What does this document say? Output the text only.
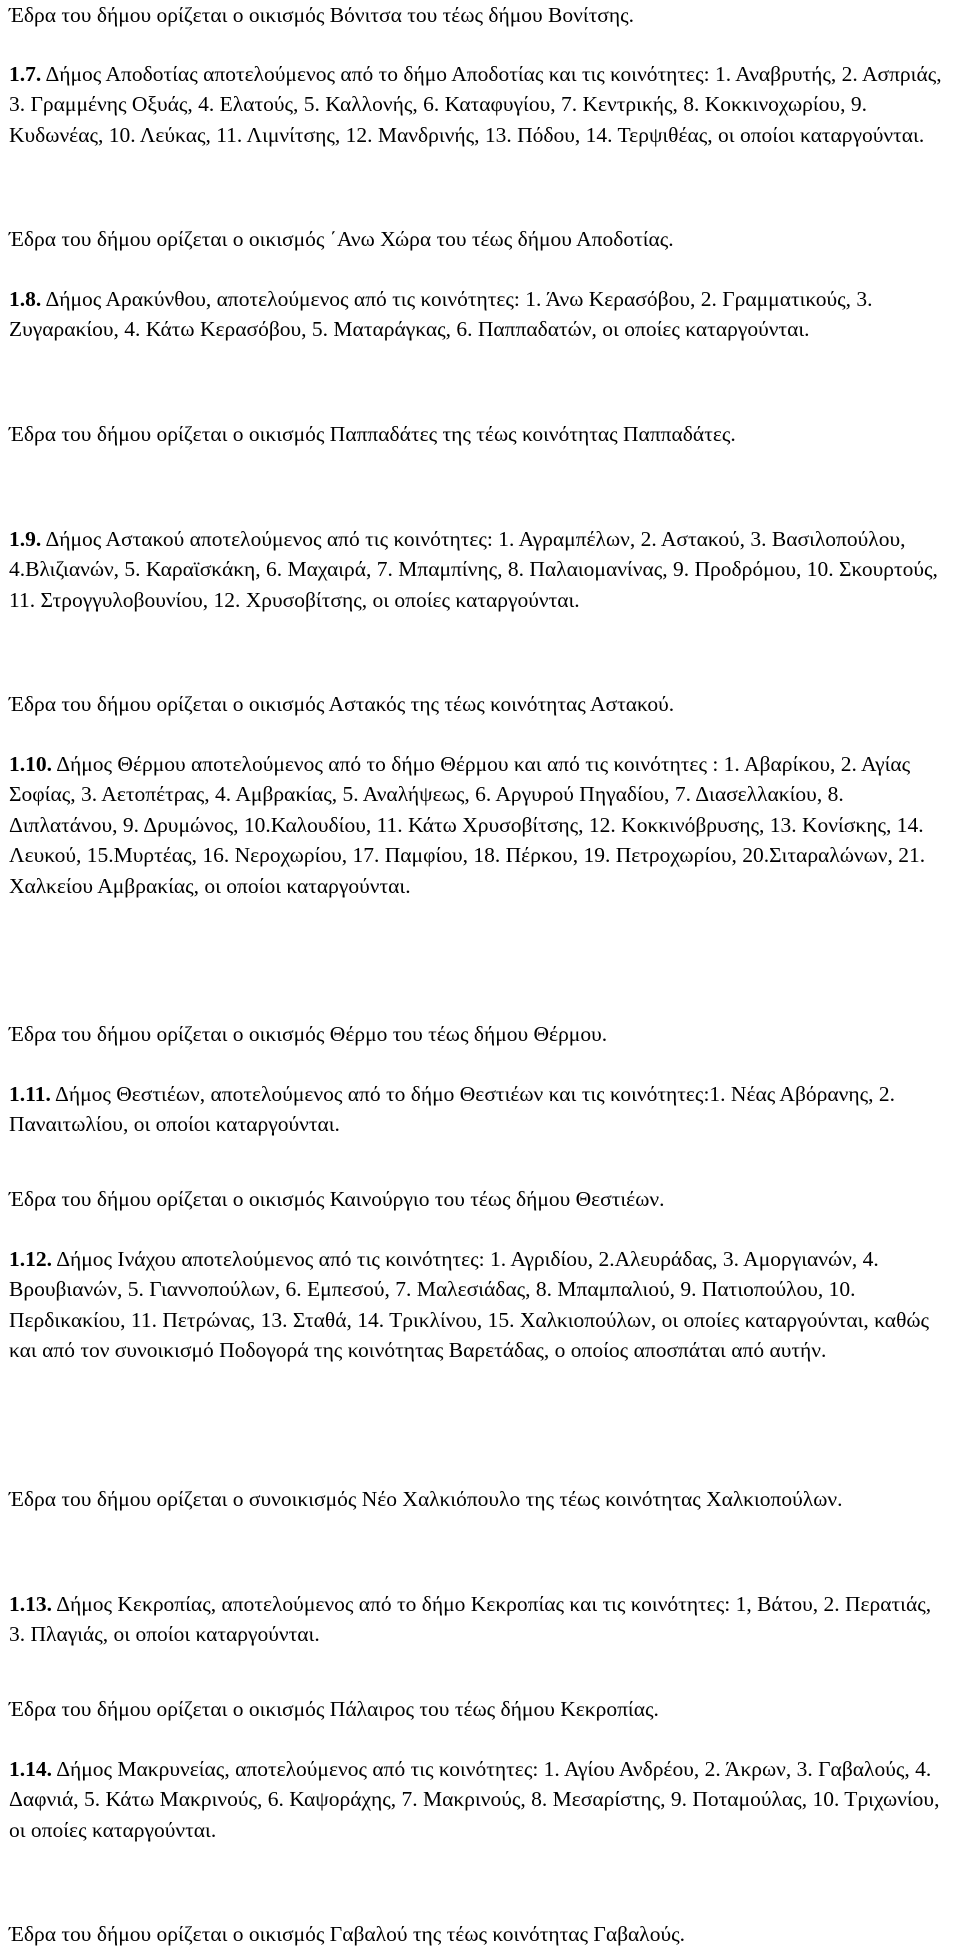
Έδρα του δήμου ορίζεται ο οικισμός Βόνιτσα του τέως δήμου Βονίτσης.

1.7. Δήμος Αποδοτίας αποτελούμενος από το δήμο Αποδοτίας και τις κοινότητες: 1. Αναβρυτής, 2. Ασπριάς, 3. Γραμμένης Οξυάς, 4. Ελατούς, 5. Καλλονής, 6. Καταφυγίου, 7. Κεντρικής, 8. Κοκκινοχωρίου, 9. Κυδωνέας, 10. Λεύκας, 11. Λιμνίτσης, 12. Μανδρινής, 13. Πόδου, 14. Τερψιθέας, οι οποίοι καταργούνται.

Έδρα του δήμου ορίζεται ο οικισμός ΄Ανω Χώρα του τέως δήμου Αποδοτίας.

1.8. Δήμος Αρακύνθου, αποτελούμενος από τις κοινότητες: 1. Άνω Κερασόβου, 2. Γραμματικούς, 3. Ζυγαρακίου, 4. Κάτω Κερασόβου, 5. Ματαράγκας, 6. Παππαδατών, οι οποίες καταργούνται.

Έδρα του δήμου ορίζεται ο οικισμός Παππαδάτες της τέως κοινότητας Παππαδάτες.

1.9. Δήμος Αστακού αποτελούμενος από τις κοινότητες: 1. Αγραμπέλων, 2. Αστακού, 3. Βασιλοπούλου, 4.Βλιζιανών, 5. Καραϊσκάκη, 6. Μαχαιρά, 7. Μπαμπίνης, 8. Παλαιομανίνας, 9. Προδρόμου, 10. Σκουρτούς, 11. Στρογγυλοβουνίου, 12. Χρυσοβίτσης, οι οποίες καταργούνται.

Έδρα του δήμου ορίζεται ο οικισμός Αστακός της τέως κοινότητας Αστακού.

1.10. Δήμος Θέρμου αποτελούμενος από το δήμο Θέρμου και από τις κοινότητες : 1. Αβαρίκου, 2. Αγίας Σοφίας, 3. Αετοπέτρας, 4. Αμβρακίας, 5. Αναλήψεως, 6. Αργυρού Πηγαδίου, 7. Διασελλακίου, 8. Διπλατάνου, 9. Δρυμώνος, 10.Καλουδίου, 11. Κάτω Χρυσοβίτσης, 12. Κοκκινόβρυσης, 13. Κονίσκης, 14. Λευκού, 15.Μυρτέας, 16. Νεροχωρίου, 17. Παμφίου, 18. Πέρκου, 19. Πετροχωρίου, 20.Σιταραλώνων, 21. Χαλκείου Αμβρακίας, οι οποίοι καταργούνται.

Έδρα του δήμου ορίζεται ο οικισμός Θέρμο του τέως δήμου Θέρμου.

1.11. Δήμος Θεστιέων, αποτελούμενος από το δήμο Θεστιέων και τις κοινότητες:1. Νέας Αβόρανης, 2. Παναιτωλίου, οι οποίοι καταργούνται.

Έδρα του δήμου ορίζεται ο οικισμός Καινούργιο του τέως δήμου Θεστιέων.

1.12. Δήμος Ινάχου αποτελούμενος από τις κοινότητες: 1. Αγριδίου, 2.Αλευράδας, 3. Αμοργιανών, 4. Βρουβιανών, 5. Γιαννοπούλων, 6. Εμπεσού, 7. Μαλεσιάδας, 8. Μπαμπαλιού, 9. Πατιοπούλου, 10. Περδικακίου, 11. Πετρώνας, 13. Σταθά, 14. Τρικλίνου, 15. Χαλκιοπούλων, οι οποίες καταργούνται, καθώς και από τον συνοικισμό Ποδογορά της κοινότητας Βαρετάδας, ο οποίος αποσπάται από αυτήν.

Έδρα του δήμου ορίζεται ο συνοικισμός Νέο Χαλκιόπουλο της τέως κοινότητας Χαλκιοπούλων.

1.13. Δήμος Κεκροπίας, αποτελούμενος από το δήμο Κεκροπίας και τις κοινότητες: 1, Βάτου, 2. Περατιάς, 3. Πλαγιάς, οι οποίοι καταργούνται.

Έδρα του δήμου ορίζεται ο οικισμός Πάλαιρος του τέως δήμου Κεκροπίας.

1.14. Δήμος Μακρυνείας, αποτελούμενος από τις κοινότητες: 1. Αγίου Ανδρέου, 2. Άκρων, 3. Γαβαλούς, 4. Δαφνιά, 5. Κάτω Μακρινούς, 6. Καψοράχης, 7. Μακρινούς, 8. Μεσαρίστης, 9. Ποταμούλας, 10. Τριχωνίου, οι οποίες καταργούνται.

Έδρα του δήμου ορίζεται ο οικισμός Γαβαλού της τέως κοινότητας Γαβαλούς.
